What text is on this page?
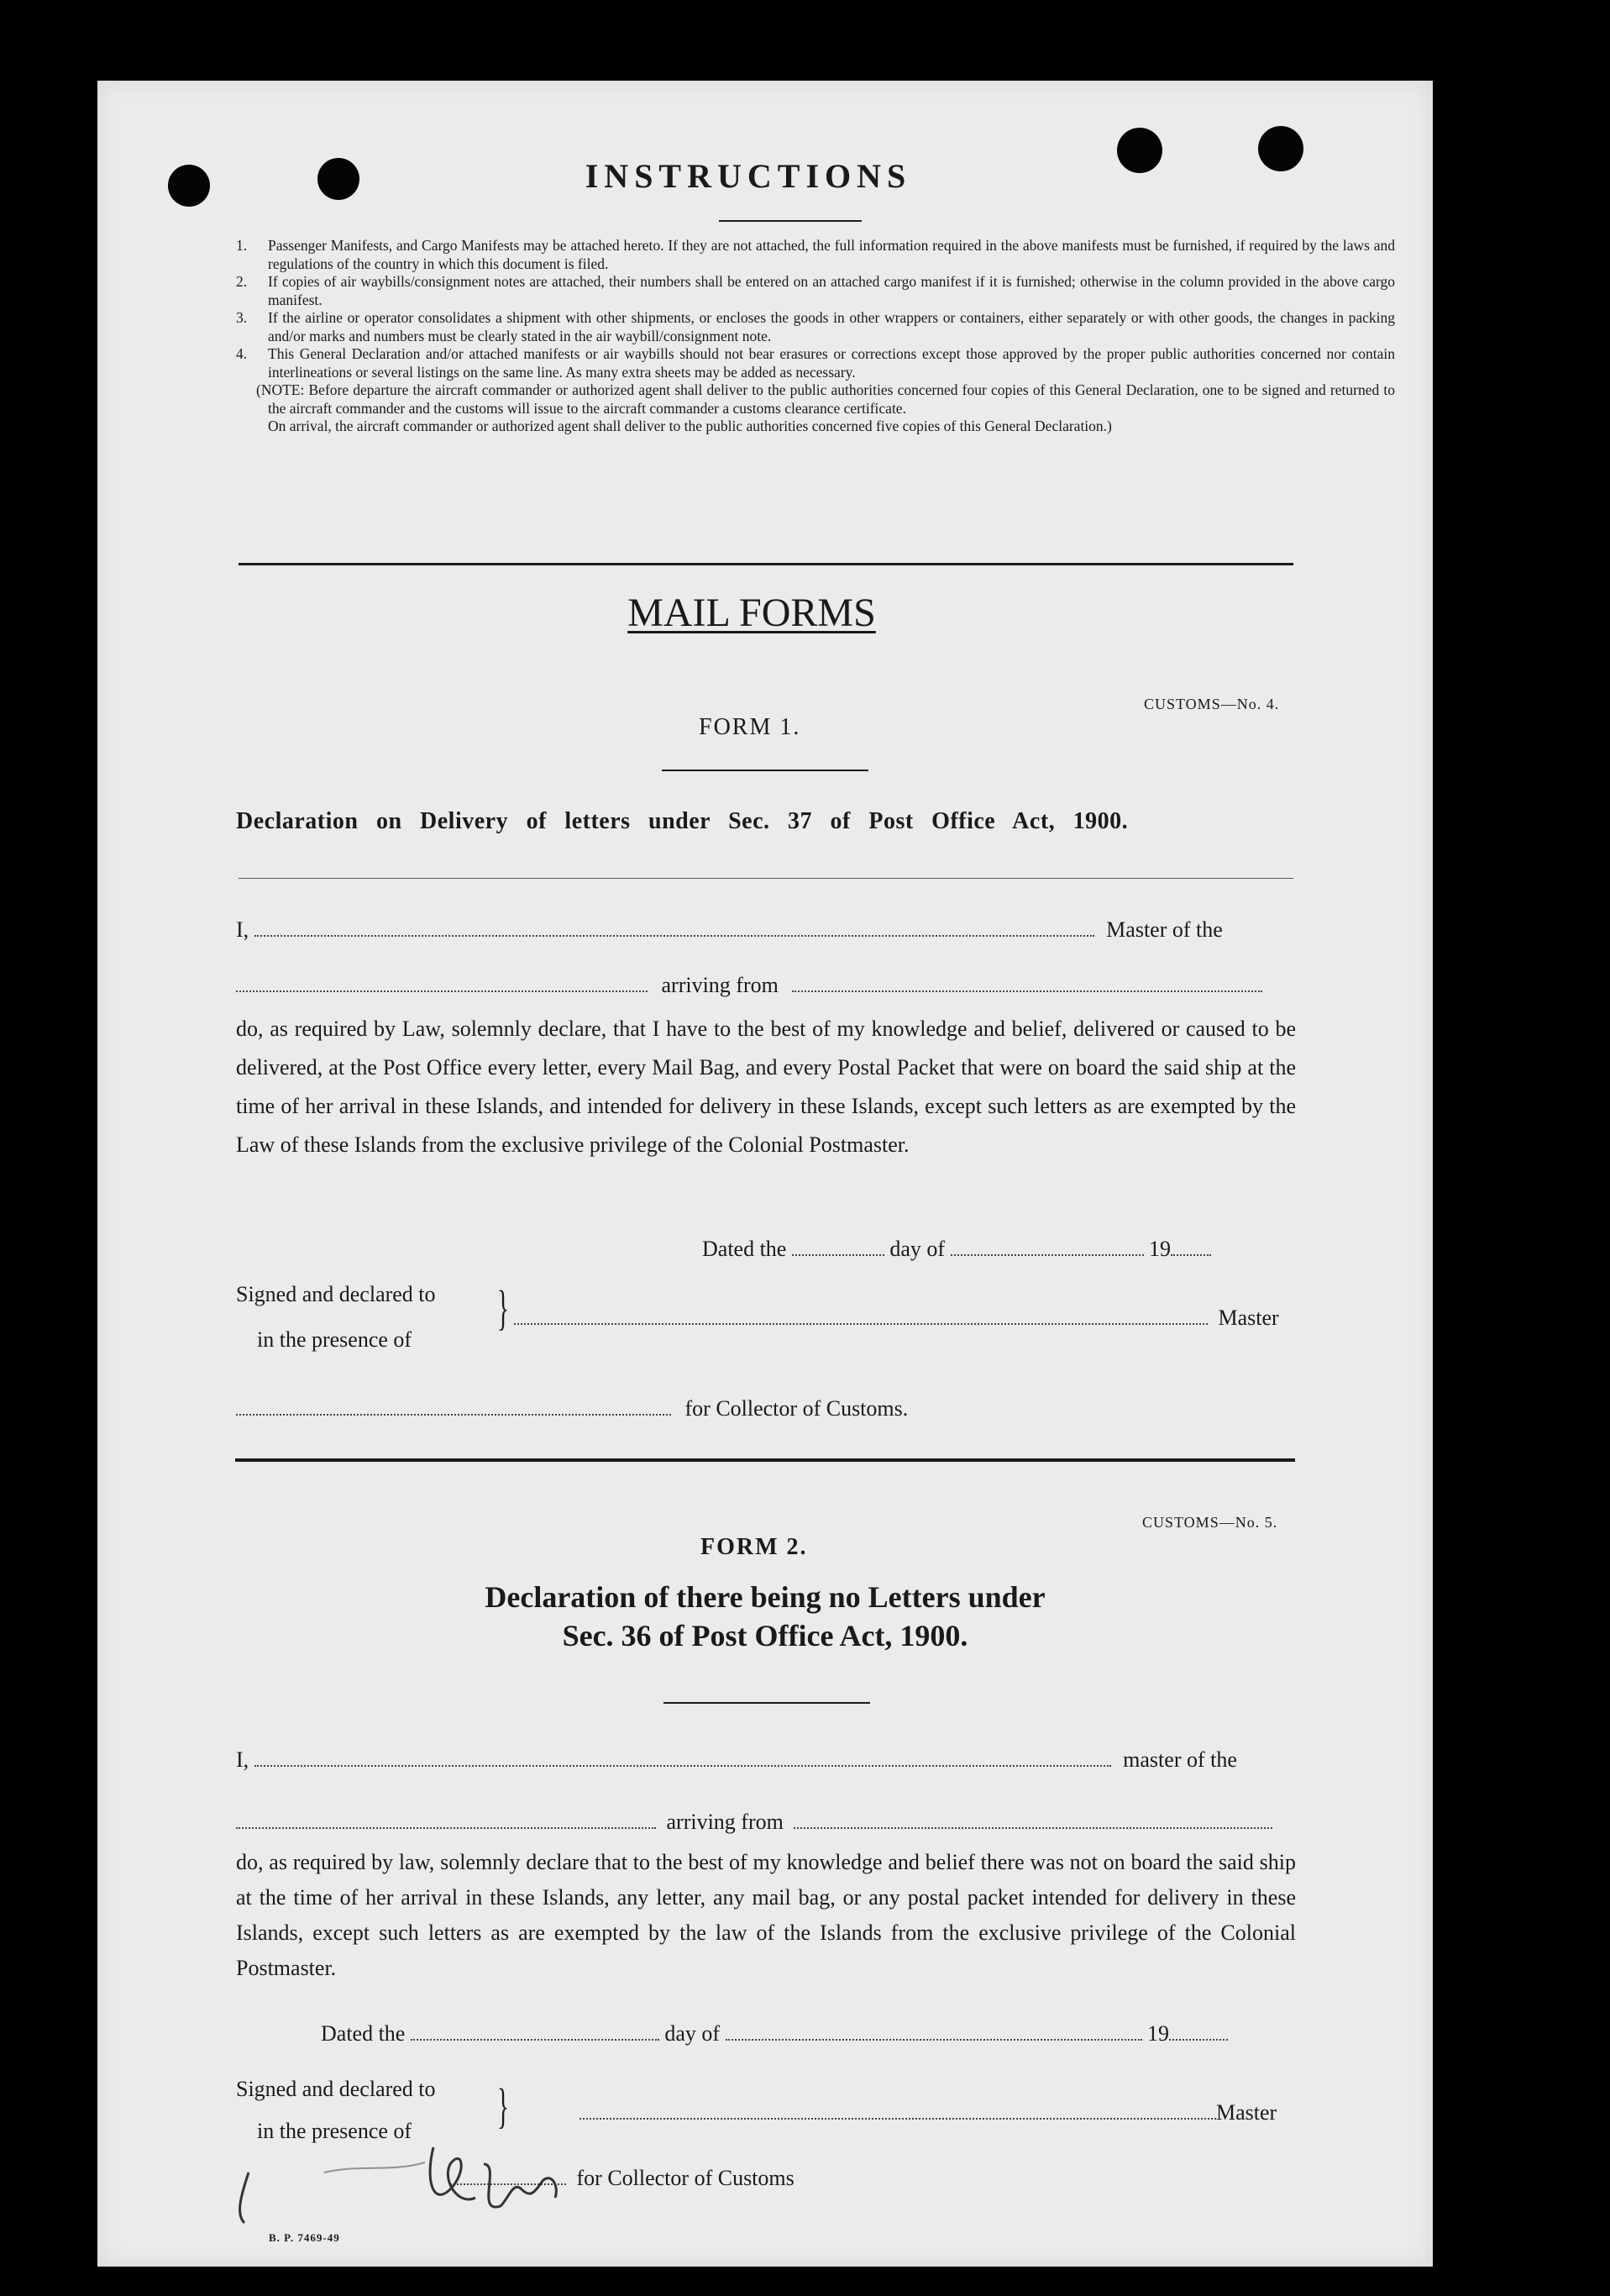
INSTRUCTIONS
1. Passenger Manifests, and Cargo Manifests may be attached hereto. If they are not attached, the full information required in the above manifests must be furnished, if required by the laws and regulations of the country in which this document is filed.
2. If copies of air waybills/consignment notes are attached, their numbers shall be entered on an attached cargo manifest if it is furnished; otherwise in the column provided in the above cargo manifest.
3. If the airline or operator consolidates a shipment with other shipments, or encloses the goods in other wrappers or containers, either separately or with other goods, the changes in packing and/or marks and numbers must be clearly stated in the air waybill/consignment note.
4. This General Declaration and/or attached manifests or air waybills should not bear erasures or corrections except those approved by the proper public authorities concerned nor contain interlineations or several listings on the same line. As many extra sheets may be added as necessary.
(NOTE: Before departure the aircraft commander or authorized agent shall deliver to the public authorities concerned four copies of this General Declaration, one to be signed and returned to the aircraft commander and the customs will issue to the aircraft commander a customs clearance certificate.
On arrival, the aircraft commander or authorized agent shall deliver to the public authorities concerned five copies of this General Declaration.)
MAIL FORMS
CUSTOMS—No. 4.
FORM 1.
Declaration on Delivery of letters under Sec. 37 of Post Office Act, 1900.
I,	Master of the
arriving from
do, as required by Law, solemnly declare, that I have to the best of my knowledge and belief, delivered or caused to be delivered, at the Post Office every letter, every Mail Bag, and every Postal Packet that were on board the said ship at the time of her arrival in these Islands, and intended for delivery in these Islands, except such letters as are exempted by the Law of these Islands from the exclusive privilege of the Colonial Postmaster.
Dated the	day of	19
Signed and declared to
in the presence of
}	Master
for Collector of Customs.
CUSTOMS—No. 5.
FORM 2.
Declaration of there being no Letters under
Sec. 36 of Post Office Act, 1900.
I,	master of the
arriving from
do, as required by law, solemnly declare that to the best of my knowledge and belief there was not on board the said ship at the time of her arrival in these Islands, any letter, any mail bag, or any postal packet intended for delivery in these Islands, except such letters as are exempted by the law of the Islands from the exclusive privilege of the Colonial Postmaster.
Dated the	day of	19
Signed and declared to
in the presence of }	Master
for Collector of Customs
B. P. 7469-49
